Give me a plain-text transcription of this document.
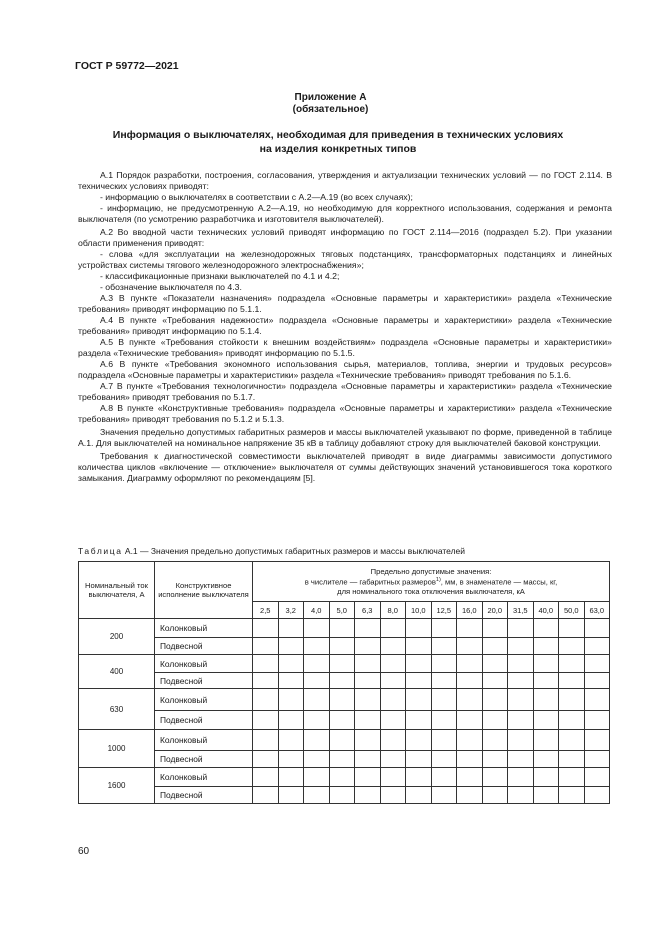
ГОСТ Р 59772—2021
Приложение А
(обязательное)
Информация о выключателях, необходимая для приведения в технических условиях
на изделия конкретных типов

А.1 Порядок разработки, построения, согласования, утверждения и актуализации технических условий — по ГОСТ 2.114. В технических условиях приводят:

- информацию о выключателях в соответствии с А.2—А.19 (во всех случаях);

- информацию, не предусмотренную А.2—А.19, но необходимую для корректного использования, содержания и ремонта выключателя (по усмотрению разработчика и изготовителя выключателей).

А.2 Во вводной части технических условий приводят информацию по ГОСТ 2.114—2016 (подраздел 5.2). При указании области применения приводят:

- слова «для эксплуатации на железнодорожных тяговых подстанциях, трансформаторных подстанциях и линейных устройствах системы тягового железнодорожного электроснабжения»;

- классификационные признаки выключателей по 4.1 и 4.2;

- обозначение выключателя по 4.3.

А.3 В пункте «Показатели назначения» подраздела «Основные параметры и характеристики» раздела «Технические требования» приводят информацию по 5.1.1.

А.4 В пункте «Требования надежности» подраздела «Основные параметры и характеристики» раздела «Технические требования» приводят информацию по 5.1.4.

А.5 В пункте «Требования стойкости к внешним воздействиям» подраздела «Основные параметры и характеристики» раздела «Технические требования» приводят информацию по 5.1.5.

А.6 В пункте «Требования экономного использования сырья, материалов, топлива, энергии и трудовых ресурсов» подраздела «Основные параметры и характеристики» раздела «Технические требования» приводят требования по 5.1.6.

А.7 В пункте «Требования технологичности» подраздела «Основные параметры и характеристики» раздела «Технические требования» приводят требования по 5.1.7.

А.8 В пункте «Конструктивные требования» подраздела «Основные параметры и характеристики» раздела «Технические требования» приводят требования по 5.1.2 и 5.1.3.

Значения предельно допустимых габаритных размеров и массы выключателей указывают по форме, приведенной в таблице А.1. Для выключателей на номинальное напряжение 35 кВ в таблицу добавляют строку для выключателей баковой конструкции.

Требования к диагностической совместимости выключателей приводят в виде диаграммы зависимости допустимого количества циклов «включение — отключение» выключателя от суммы действующих значений установившегося тока короткого замыкания. Диаграмму оформляют по рекомендациям [5].

Таблица А.1 — Значения предельно допустимых габаритных размеров и массы выключателей
Номинальный ток выключателя, А	Конструктивное исполнение выключателя	Предельно допустимые значения:
в числителе — габаритных размеров$^{1)}$, мм, в знаменателе — массы, кг,
для номинального тока отключения выключателя, кА													

		2,5	3,2	4,0	5,0	6,3	8,0	10,0	12,5	16,0	20,0	31,5	40,0	50,0	63,0
200	Колонковый														
	Подвесной														
400	Колонковый														
	Подвесной														
630	Колонковый														
	Подвесной														
1000	Колонковый														
	Подвесной														
1600	Колонковый														
	Подвесной														
60
